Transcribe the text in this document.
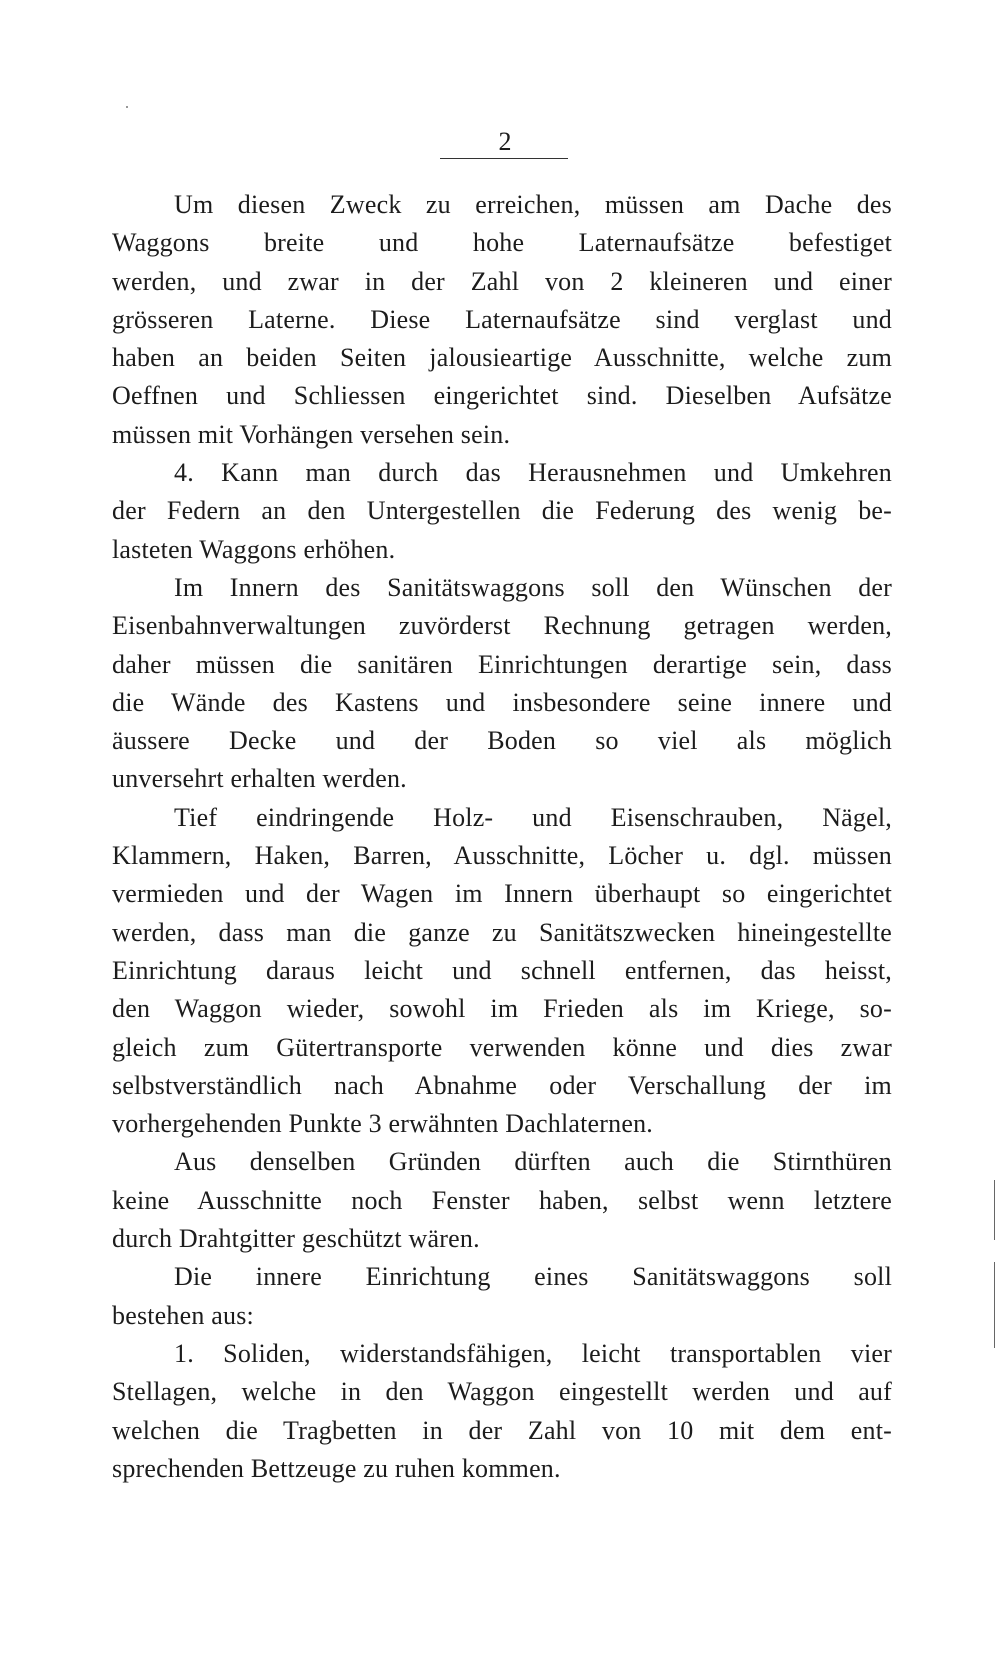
2
Um diesen Zweck zu erreichen, müssen am Dache des
Waggons breite und hohe Laternaufsätze befestiget
werden, und zwar in der Zahl von 2 kleineren und einer
grösseren Laterne. Diese Laternaufsätze sind verglast und
haben an beiden Seiten jalousieartige Ausschnitte, welche zum
Oeffnen und Schliessen eingerichtet sind. Dieselben Aufsätze
müssen mit Vorhängen versehen sein.
4. Kann man durch das Herausnehmen und Umkehren
der Federn an den Untergestellen die Federung des wenig be-
lasteten Waggons erhöhen.
Im Innern des Sanitätswaggons soll den Wünschen der
Eisenbahnverwaltungen zuvörderst Rechnung getragen werden,
daher müssen die sanitären Einrichtungen derartige sein, dass
die Wände des Kastens und insbesondere seine innere und
äussere Decke und der Boden so viel als möglich
unversehrt erhalten werden.
Tief eindringende Holz- und Eisenschrauben, Nägel,
Klammern, Haken, Barren, Ausschnitte, Löcher u. dgl. müssen
vermieden und der Wagen im Innern überhaupt so eingerichtet
werden, dass man die ganze zu Sanitätszwecken hineingestellte
Einrichtung daraus leicht und schnell entfernen, das heisst,
den Waggon wieder, sowohl im Frieden als im Kriege, so-
gleich zum Gütertransporte verwenden könne und dies zwar
selbstverständlich nach Abnahme oder Verschallung der im
vorhergehenden Punkte 3 erwähnten Dachlaternen.
Aus denselben Gründen dürften auch die Stirnthüren
keine Ausschnitte noch Fenster haben, selbst wenn letztere
durch Drahtgitter geschützt wären.
Die innere Einrichtung eines Sanitätswaggons soll
bestehen aus:
1. Soliden, widerstandsfähigen, leicht transportablen vier
Stellagen, welche in den Waggon eingestellt werden und auf
welchen die Tragbetten in der Zahl von 10 mit dem ent-
sprechenden Bettzeuge zu ruhen kommen.
